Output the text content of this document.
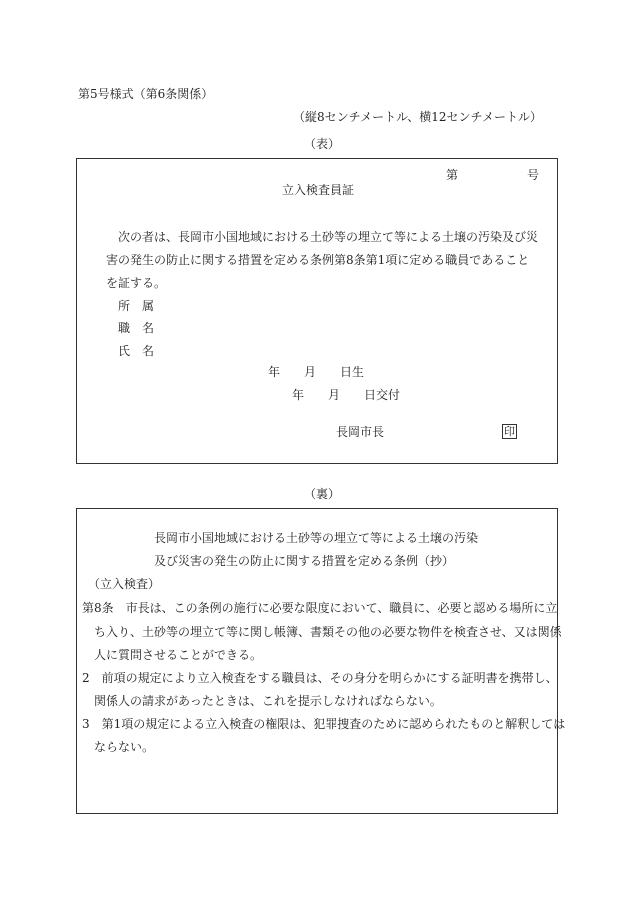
第5号様式（第6条関係）
（縦8センチメートル、横12センチメートル）
（表）
第	号
立入検査員証
次の者は、長岡市小国地域における土砂等の埋立て等による土壌の汚染及び災
害の発生の防止に関する措置を定める条例第8条第1項に定める職員であること
を証する。
所　属
職　名
氏　名
年　　月　　日生
年　　月　　日交付
長岡市長	印
（裏）
長岡市小国地域における土砂等の埋立て等による土壌の汚染
及び災害の発生の防止に関する措置を定める条例（抄）
（立入検査）
第8条　市長は、この条例の施行に必要な限度において、職員に、必要と認める場所に立
ち入り、土砂等の埋立て等に関し帳簿、書類その他の必要な物件を検査させ、又は関係
人に質問させることができる。
2　前項の規定により立入検査をする職員は、その身分を明らかにする証明書を携帯し、
関係人の請求があったときは、これを提示しなければならない。
3　第1項の規定による立入検査の権限は、犯罪捜査のために認められたものと解釈しては
ならない。
